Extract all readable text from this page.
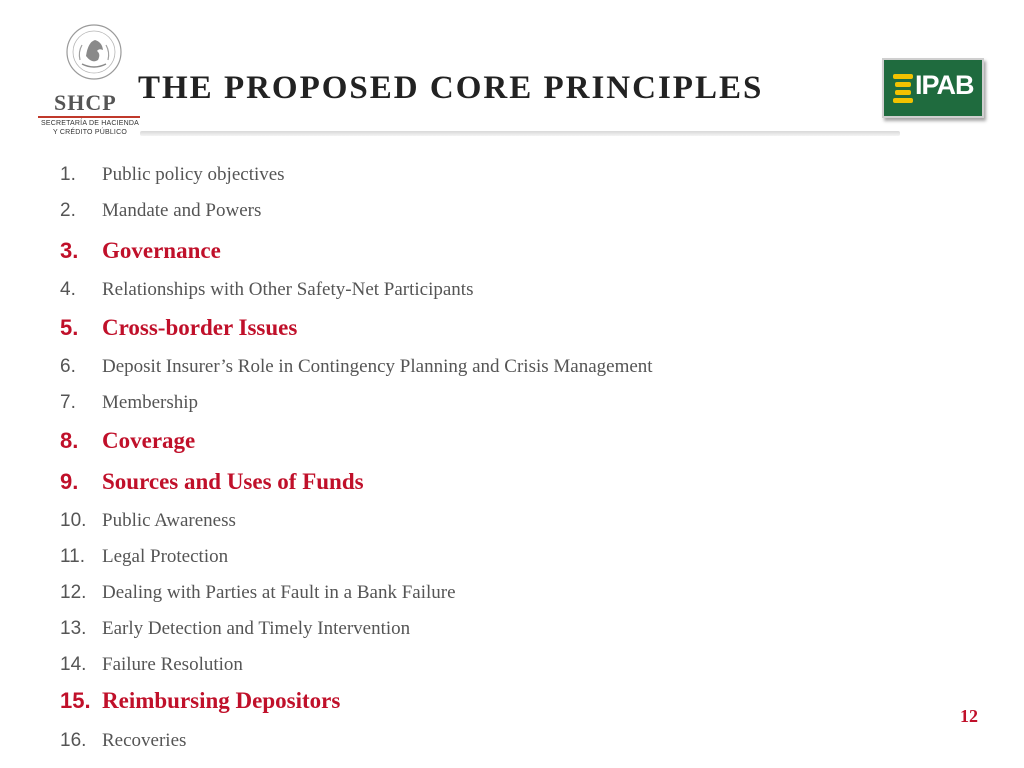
SHCP
SECRETARÍA DE HACIENDA
Y CRÉDITO PÚBLICO
THE PROPOSED CORE PRINCIPLES	IPAB
1. Public policy objectives
2. Mandate and Powers
3. Governance
4. Relationships with Other Safety-Net Participants
5. Cross-border Issues
6. Deposit Insurer’s Role in Contingency Planning and Crisis Management
7. Membership
8. Coverage
9. Sources and Uses of Funds
10. Public Awareness
11. Legal Protection
12. Dealing with Parties at Fault in a Bank Failure
13. Early Detection and Timely Intervention
14. Failure Resolution
15. Reimbursing Depositors
16. Recoveries
12
